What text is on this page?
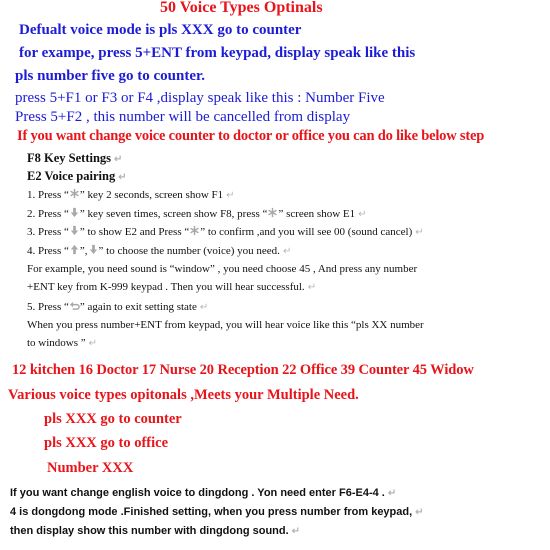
50 Voice Types Optinals
Defualt voice mode is pls XXX go to counter
for exampe, press 5+ENT from keypad, display speak like this
pls number five go to counter.
press 5+F1 or F3 or F4 ,display speak like this : Number Five
Press 5+F2 , this number will be cancelled from display
If you want change voice counter to doctor or office you can do like below step
F8 Key Settings ↵
E2 Voice pairing ↵
1. Press “ ” key 2 seconds, screen show F1 ↵
2. Press “ ” key seven times, screen show F8, press “ ” screen show E1 ↵
3. Press “ ” to show E2 and Press “ ” to confirm ,and you will see 00 (sound cancel) ↵
4. Press “ ”, ” to choose the number (voice) you need. ↵
For example, you need sound is “window” , you need choose 45 , And press any number
+ENT key from K-999 keypad . Then you will hear successful. ↵
5. Press “ ” again to exit setting state ↵
When you press number+ENT from keypad, you will hear voice like this “pls XX number
to windows ” ↵
12 kitchen 16 Doctor 17 Nurse 20 Reception 22 Office 39 Counter 45 Widow
Various voice types opitonals ,Meets your Multiple Need.
pls XXX go to counter
pls XXX go to office
Number XXX
If you want change english voice to dingdong . Yon need enter F6-E4-4 . ↵
4 is dongdong mode .Finished setting, when you press number from keypad, ↵
then display show this number with dingdong sound. ↵
